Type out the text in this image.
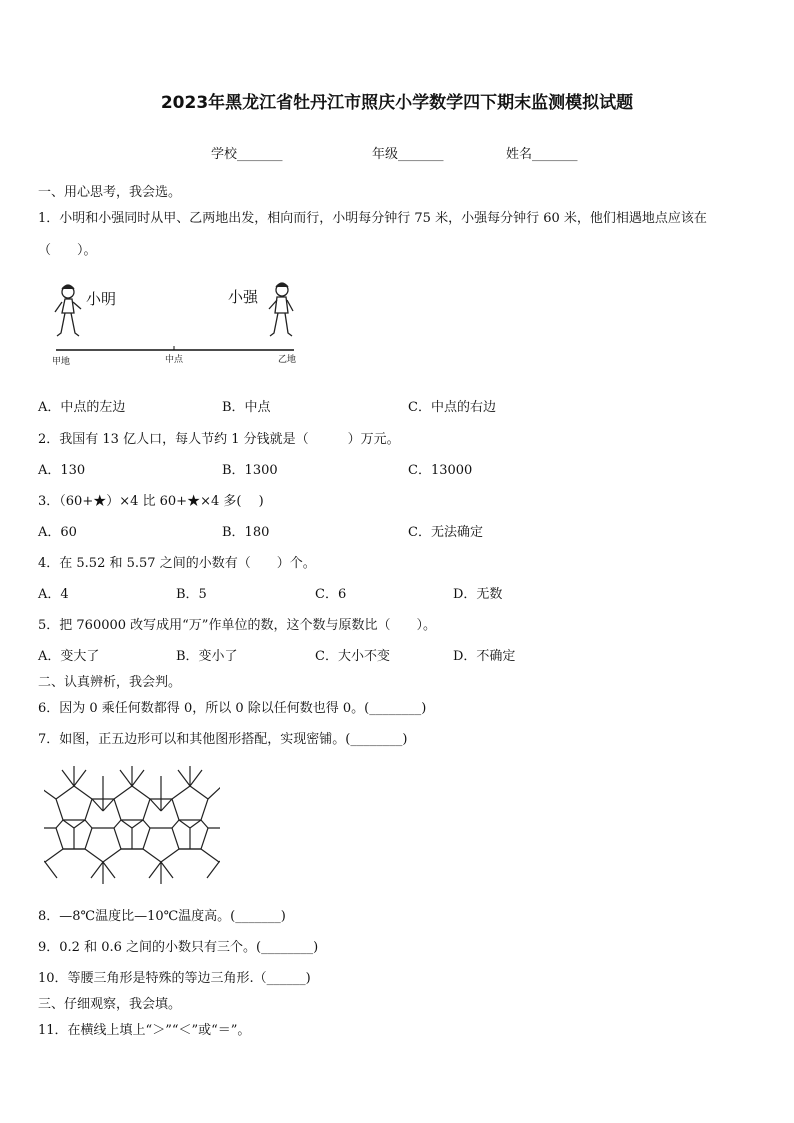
2023年黑龙江省牡丹江市照庆小学数学四下期末监测模拟试题
学校_______	年级_______	姓名_______
一、用心思考，我会选。
1．小明和小强同时从甲、乙两地出发，相向而行，小明每分钟行 75 米，小强每分钟行 60 米，他们相遇地点应该在
（　　）。
小明	小强
甲地	中点	乙地
A．中点的左边	B．中点	C．中点的右边
2．我国有 13 亿人口，每人节约 1 分钱就是（　　　）万元。
A．130	B．1300	C．13000
3．（60+★）×4 比 60+★×4 多(　 )
A．60	B．180	C．无法确定
4．在 5.52 和 5.57 之间的小数有（　　）个。
A．4	B．5	C．6	D．无数
5．把 760000 改写成用“万”作单位的数，这个数与原数比（　　）。
A．变大了	B．变小了	C．大小不变	D．不确定
二、认真辨析，我会判。
6．因为 0 乘任何数都得 0，所以 0 除以任何数也得 0。(________)
7．如图，正五边形可以和其他图形搭配，实现密铺。(________)
8．—8℃温度比—10℃温度高。(_______)
9．0.2 和 0.6 之间的小数只有三个。(________)
10．等腰三角形是特殊的等边三角形.（______)
三、仔细观察，我会填。
11．在横线上填上“＞”“＜”或“＝”。
